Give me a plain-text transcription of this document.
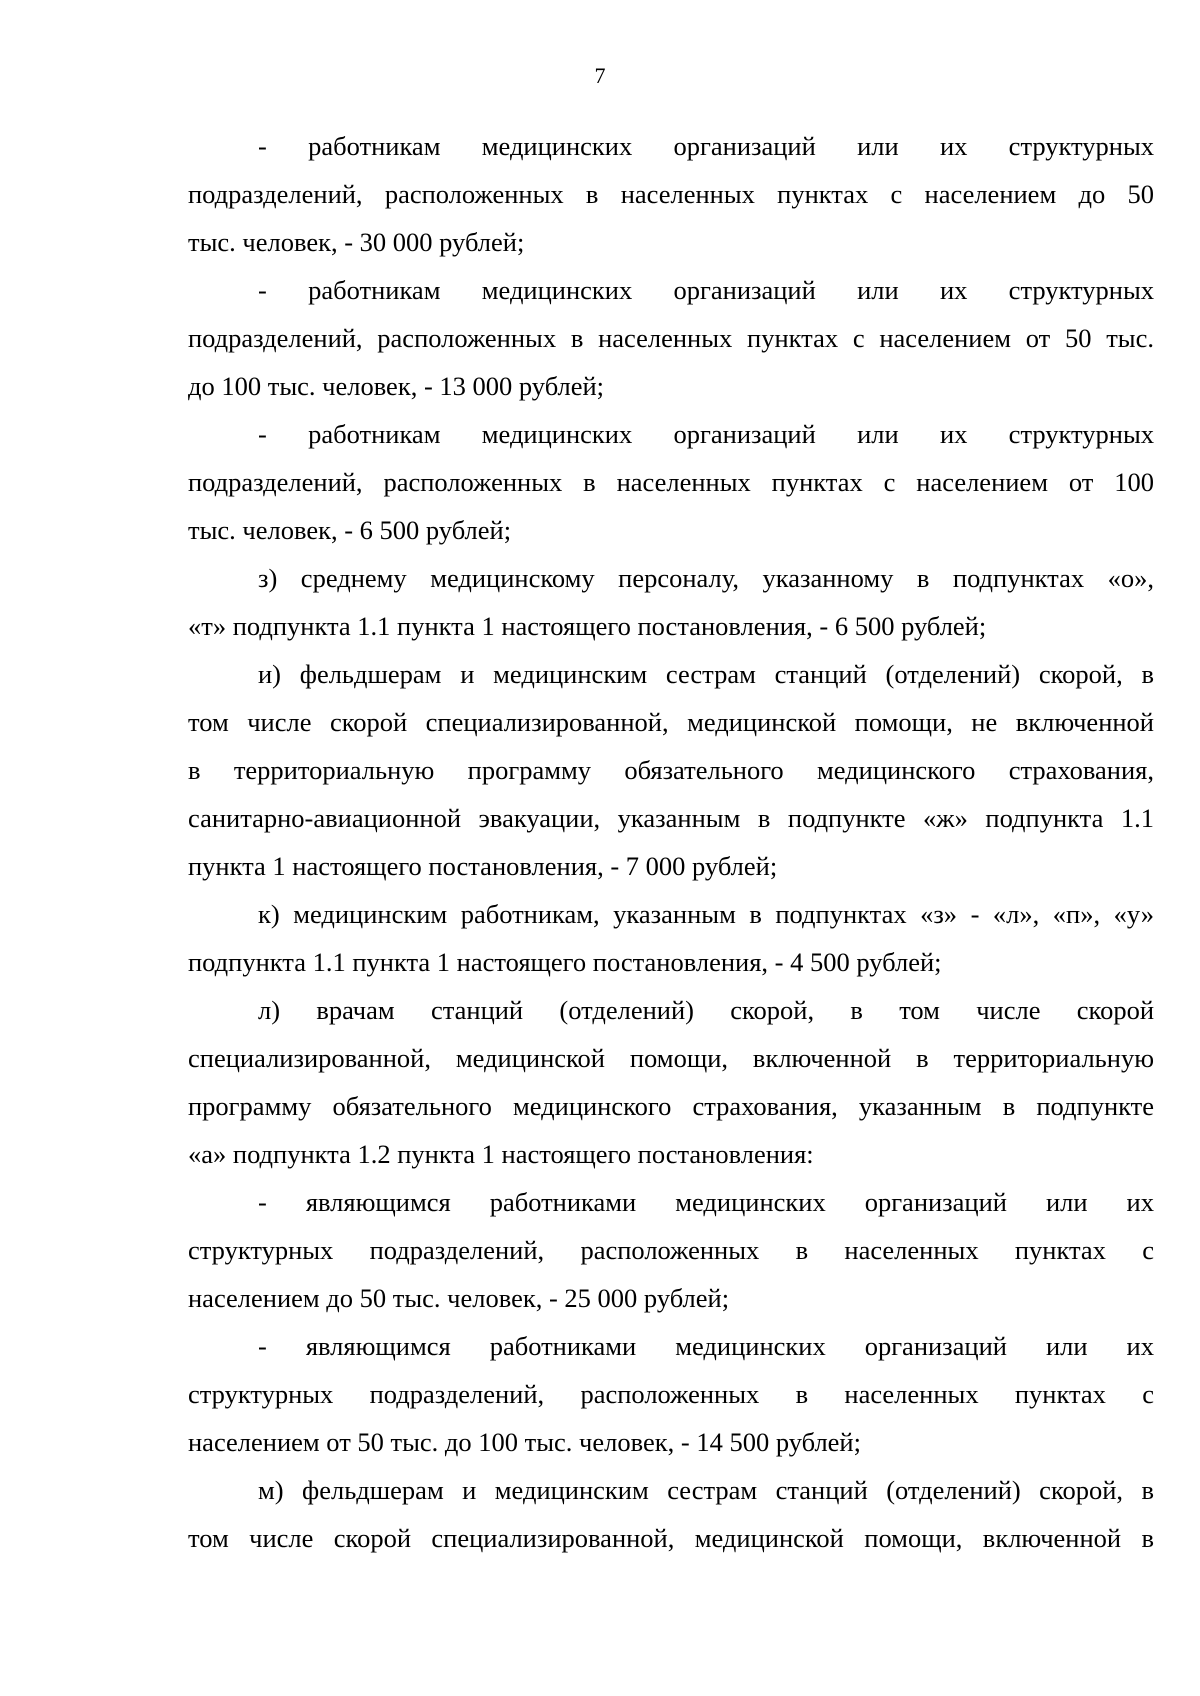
7
- работникам медицинских организаций или их структурных
подразделений, расположенных в населенных пунктах с населением до 50
тыс. человек, - 30 000 рублей;
- работникам медицинских организаций или их структурных
подразделений, расположенных в населенных пунктах с населением от 50 тыс.
до 100 тыс. человек, - 13 000 рублей;
- работникам медицинских организаций или их структурных
подразделений, расположенных в населенных пунктах с населением от 100
тыс. человек, - 6 500 рублей;
з) среднему медицинскому персоналу, указанному в подпунктах «о»,
«т» подпункта 1.1 пункта 1 настоящего постановления, - 6 500 рублей;
и) фельдшерам и медицинским сестрам станций (отделений) скорой, в
том числе скорой специализированной, медицинской помощи, не включенной
в территориальную программу обязательного медицинского страхования,
санитарно-авиационной эвакуации, указанным в подпункте «ж» подпункта 1.1
пункта 1 настоящего постановления, - 7 000 рублей;
к) медицинским работникам, указанным в подпунктах «з» - «л», «п», «у»
подпункта 1.1 пункта 1 настоящего постановления, - 4 500 рублей;
л) врачам станций (отделений) скорой, в том числе скорой
специализированной, медицинской помощи, включенной в территориальную
программу обязательного медицинского страхования, указанным в подпункте
«а» подпункта 1.2 пункта 1 настоящего постановления:
- являющимся работниками медицинских организаций или их
структурных подразделений, расположенных в населенных пунктах с
населением до 50 тыс. человек, - 25 000 рублей;
- являющимся работниками медицинских организаций или их
структурных подразделений, расположенных в населенных пунктах с
населением от 50 тыс. до 100 тыс. человек, - 14 500 рублей;
м) фельдшерам и медицинским сестрам станций (отделений) скорой, в
том числе скорой специализированной, медицинской помощи, включенной в
